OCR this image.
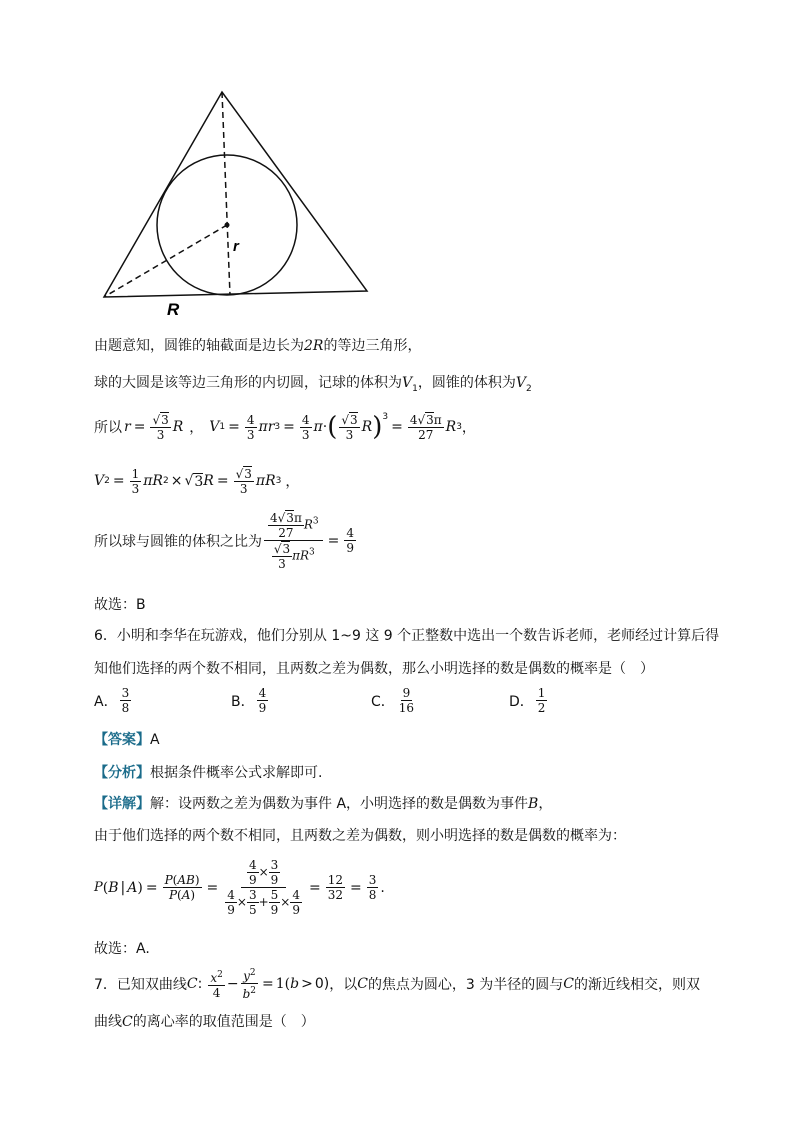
r
R
由题意知，圆锥的轴截面是边长为2R的等边三角形，
球的大圆是该等边三角形的内切圆，记球的体积为$V_1$，圆锥的体积为$V_2$
所以 $r = \frac{√3}{3}$ R ， V $1 = \frac{4}{3}$ πr $3 = \frac{4}{3}$ π · ( $\frac{√3}{3}$ R ) 3
= $\frac{4√3\pi}{27}$ R 3 ，
V $2 = \frac{1}{3}$ πR 2 × √ 3 $R = \frac{√3}{3}$ πR 3 ，
所以球与圆锥的体积之比为 $\frac{\frac{4√3\pi}{27} R^3}{\frac{√3}{3} \pi R^3} = \frac{4}{9}$
故选：B
6．小明和李华在玩游戏，他们分别从 1~9 这 9 个正整数中选出一个数告诉老师，老师经过计算后得
知他们选择的两个数不相同，且两数之差为偶数，那么小明选择的数是偶数的概率是（　）
A． $\frac{3}{8}$	B． $\frac{4}{9}$	C． $\frac{9}{16}$	D． $\frac{1}{2}$
【答案】A
【分析】根据条件概率公式求解即可.
【详解】解：设两数之差为偶数为事件 A，小明选择的数是偶数为事件B，
由于他们选择的两个数不相同，且两数之差为偶数，则小明选择的数是偶数的概率为：
P ( B | A ) = $\frac{P(AB)}{P(A)} = \frac{\frac{4}{9} \times \frac{3}{9}}{\frac{4}{9} \times \frac{3}{5} + \frac{5}{9} \times \frac{4}{9}} = \frac{12}{32} = \frac{3}{8}$ .
故选：A.
7．已知双曲线 C : $\frac{x^2}{4} - \frac{y^2}{b^2} = 1$( b > 0) ，以 C 的焦点为圆心，3 为半径的圆与 C 的渐近线相交，则双
曲线C的离心率的取值范围是（　）
